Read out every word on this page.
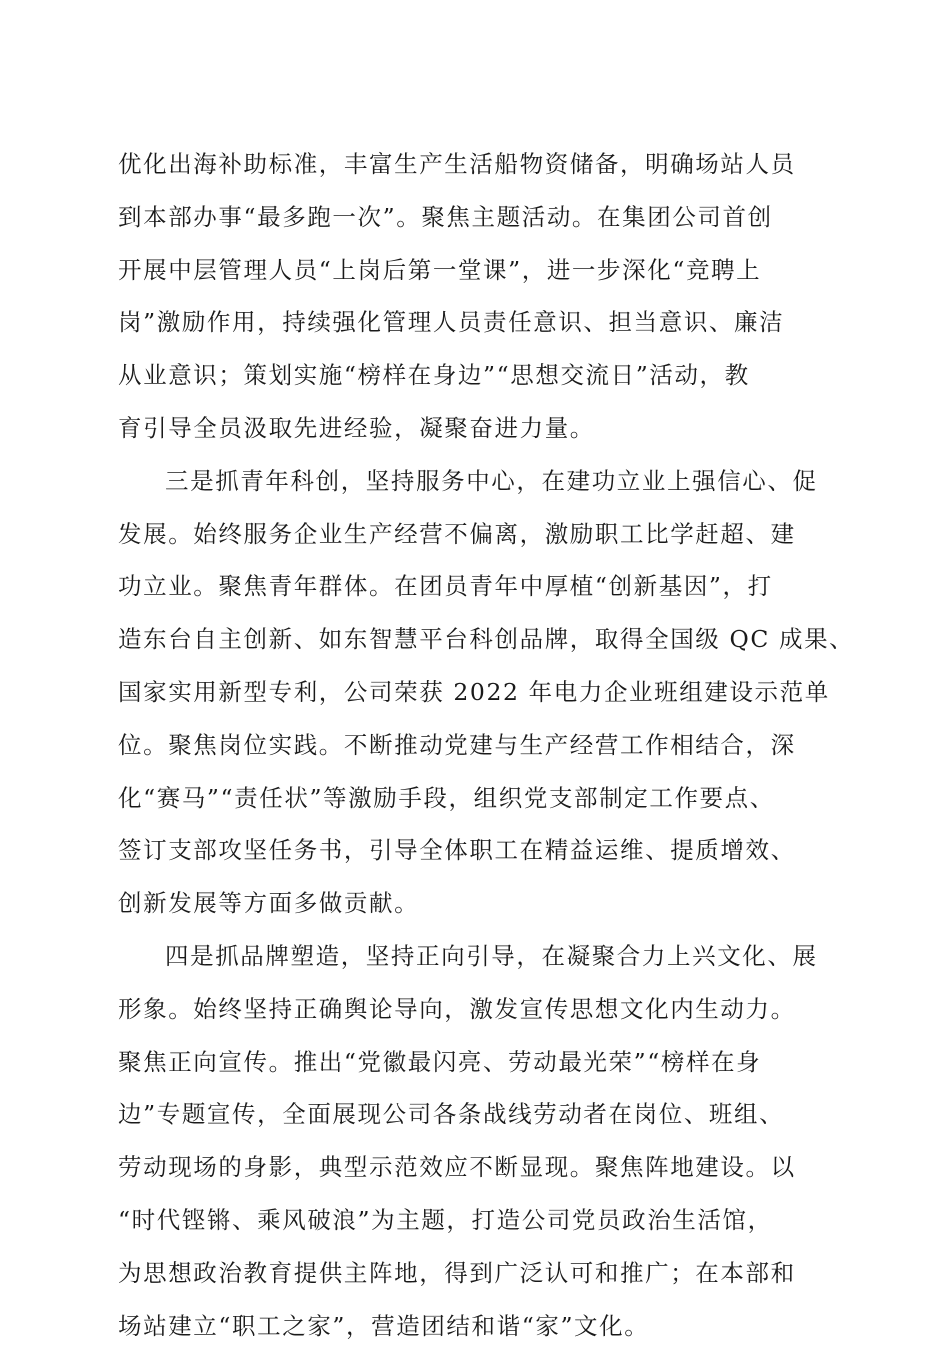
优化出海补助标准，丰富生产生活船物资储备，明确场站人员
到本部办事“最多跑一次”。聚焦主题活动。在集团公司首创
开展中层管理人员“上岗后第一堂课”，进一步深化“竞聘上
岗”激励作用，持续强化管理人员责任意识、担当意识、廉洁
从业意识；策划实施“榜样在身边”“思想交流日”活动，教
育引导全员汲取先进经验，凝聚奋进力量。
三是抓青年科创，坚持服务中心，在建功立业上强信心、促
发展。始终服务企业生产经营不偏离，激励职工比学赶超、建
功立业。聚焦青年群体。在团员青年中厚植“创新基因”，打
造东台自主创新、如东智慧平台科创品牌，取得全国级 QC 成果、
国家实用新型专利，公司荣获 2022 年电力企业班组建设示范单
位。聚焦岗位实践。不断推动党建与生产经营工作相结合，深
化“赛马”“责任状”等激励手段，组织党支部制定工作要点、
签订支部攻坚任务书，引导全体职工在精益运维、提质增效、
创新发展等方面多做贡献。
四是抓品牌塑造，坚持正向引导，在凝聚合力上兴文化、展
形象。始终坚持正确舆论导向，激发宣传思想文化内生动力。
聚焦正向宣传。推出“党徽最闪亮、劳动最光荣”“榜样在身
边”专题宣传，全面展现公司各条战线劳动者在岗位、班组、
劳动现场的身影，典型示范效应不断显现。聚焦阵地建设。以
“时代铿锵、乘风破浪”为主题，打造公司党员政治生活馆，
为思想政治教育提供主阵地，得到广泛认可和推广；在本部和
场站建立“职工之家”，营造团结和谐“家”文化。
